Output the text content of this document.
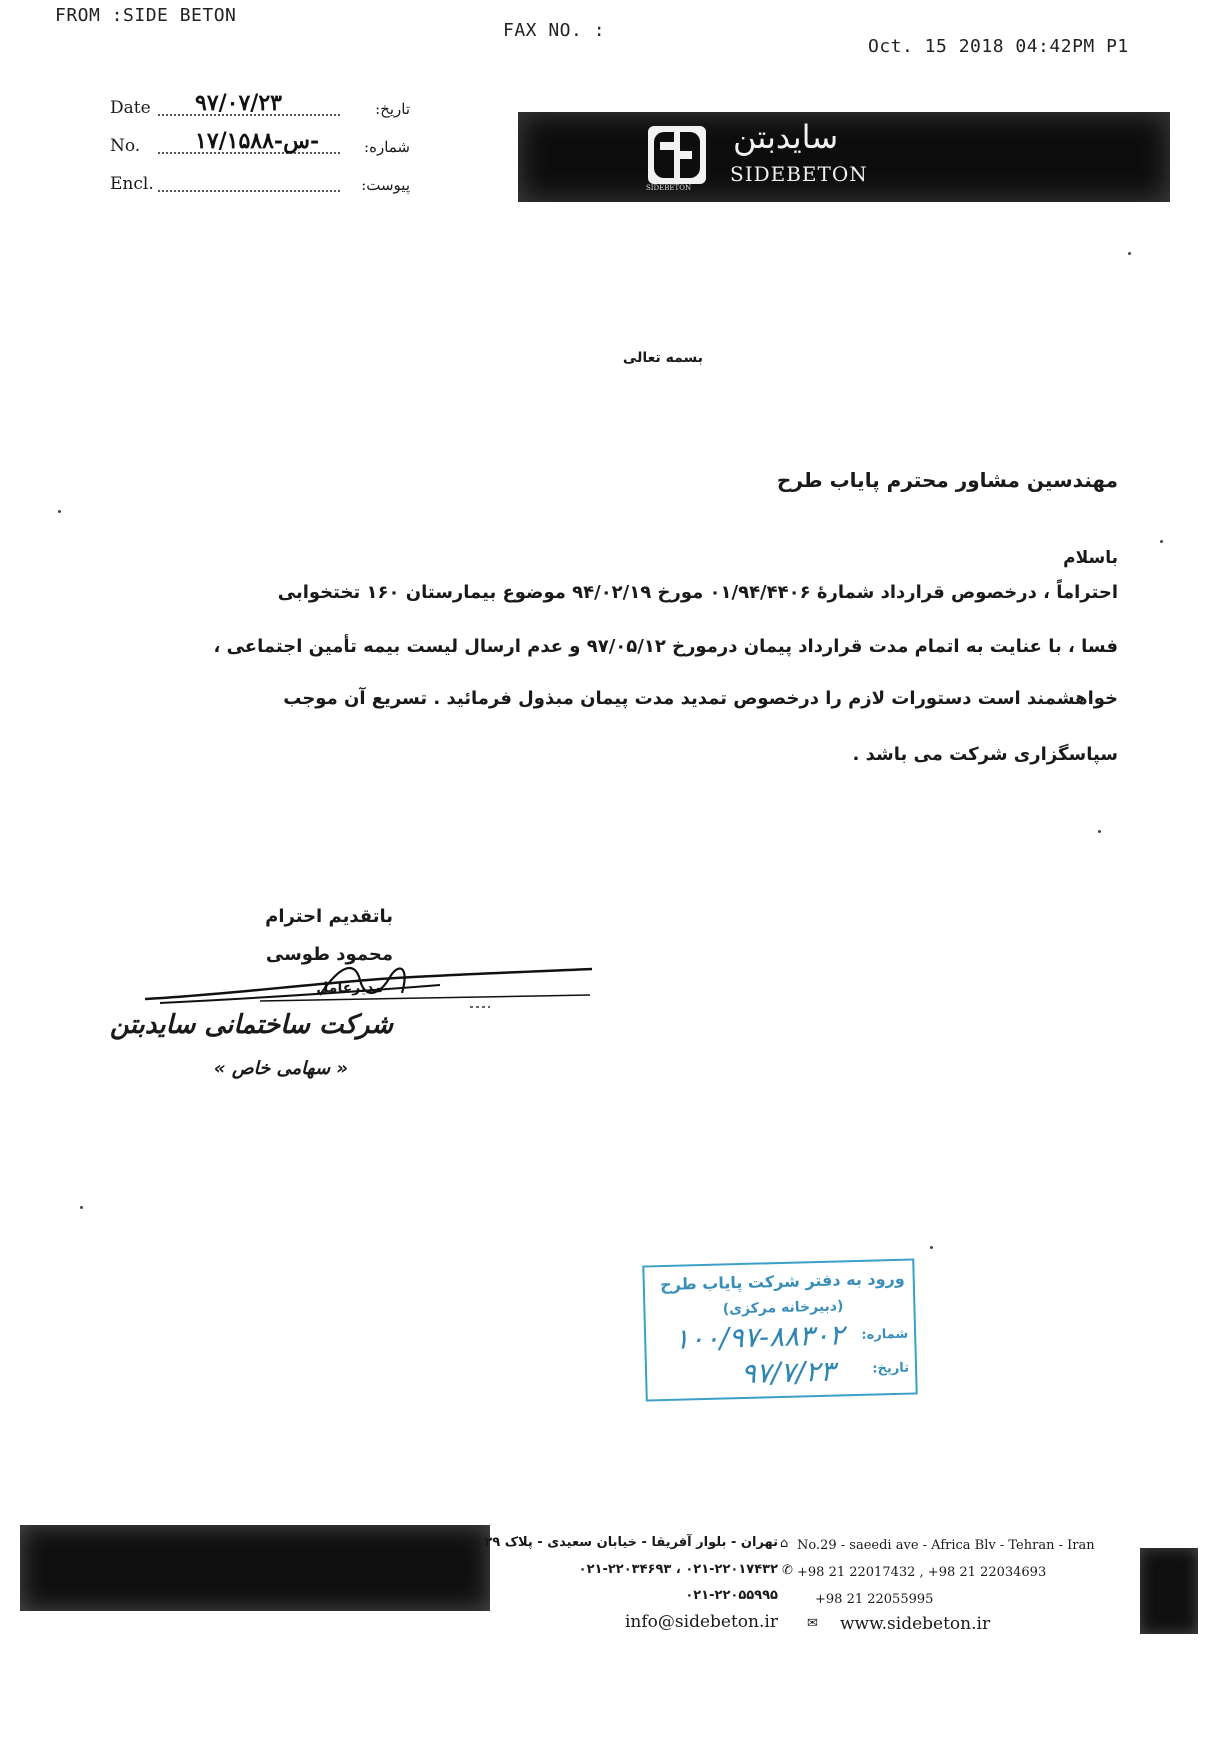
FROM :SIDE BETON
FAX NO. :
Oct. 15 2018 04:42PM P1
Date ۹۷/۰۷/۲۳	تاریخ:
No. ۱۷/۱۵۸۸-س-	شماره:
Encl.	پیوست:	SIDEBETON
سایدبتن
SIDEBETON
بسمه تعالی
مهندسین مشاور محترم پایاب طرح
باسلام
احتراماً ، درخصوص قرارداد شمارۀ ۰۱/۹۴/۴۴۰۶ مورخ ۹۴/۰۲/۱۹ موضوع بیمارستان ۱۶۰ تختخوابی
فسا ، با عنایت به اتمام مدت قرارداد پیمان درمورخ ۹۷/۰۵/۱۲ و عدم ارسال لیست بیمه تأمین اجتماعی ،
خواهشمند است دستورات لازم را درخصوص تمدید مدت پیمان مبذول فرمائید . تسریع آن موجب
سپاسگزاری شرکت می باشد .
باتقدیم احترام
محمود طوسی
مدیرعامل
شرکت ساختمانی سایدبتن
« سهامی خاص »
ورود به دفتر شرکت پایاب طرح
(دبیرخانه مرکزی)
شماره:
۱۰۰/۹۷-۸۸۳۰۲
تاریخ:
۹۷/۷/۲۳
تهران - بلوار آفریقا - خیابان سعیدی - پلاک ۲۹ ⌂ No.29 - saeedi ave - Africa Blv - Tehran - Iran
۰۲۱-۲۲۰۳۴۶۹۳ ، ۰۲۱-۲۲۰۱۷۴۳۲ ✆ +98 21 22017432 , +98 21 22034693
۰۲۱-۲۲۰۵۵۹۹۵	+98 21 22055995
info@sidebeton.ir ✉ www.sidebeton.ir
